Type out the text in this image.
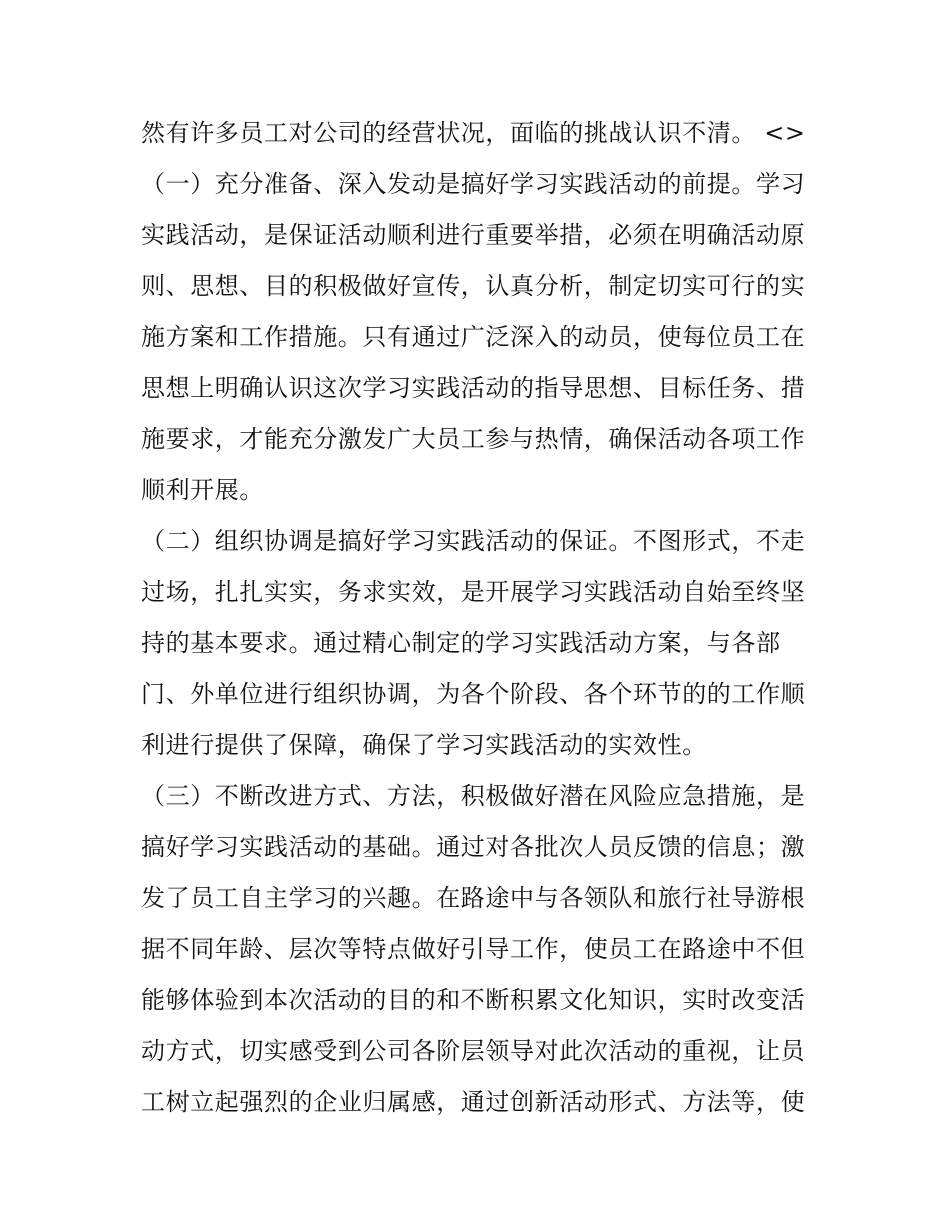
然有许多员工对公司的经营状况，面临的挑战认识不清。 <>
（一）充分准备、深入发动是搞好学习实践活动的前提。学习
实践活动，是保证活动顺利进行重要举措，必须在明确活动原
则、思想、目的积极做好宣传，认真分析，制定切实可行的实
施方案和工作措施。只有通过广泛深入的动员，使每位员工在
思想上明确认识这次学习实践活动的指导思想、目标任务、措
施要求，才能充分激发广大员工参与热情，确保活动各项工作
顺利开展。
（二）组织协调是搞好学习实践活动的保证。不图形式，不走
过场，扎扎实实，务求实效，是开展学习实践活动自始至终坚
持的基本要求。通过精心制定的学习实践活动方案，与各部
门、外单位进行组织协调，为各个阶段、各个环节的的工作顺
利进行提供了保障，确保了学习实践活动的实效性。
（三）不断改进方式、方法，积极做好潜在风险应急措施，是
搞好学习实践活动的基础。通过对各批次人员反馈的信息；激
发了员工自主学习的兴趣。在路途中与各领队和旅行社导游根
据不同年龄、层次等特点做好引导工作，使员工在路途中不但
能够体验到本次活动的目的和不断积累文化知识，实时改变活
动方式，切实感受到公司各阶层领导对此次活动的重视，让员
工树立起强烈的企业归属感，通过创新活动形式、方法等，使
